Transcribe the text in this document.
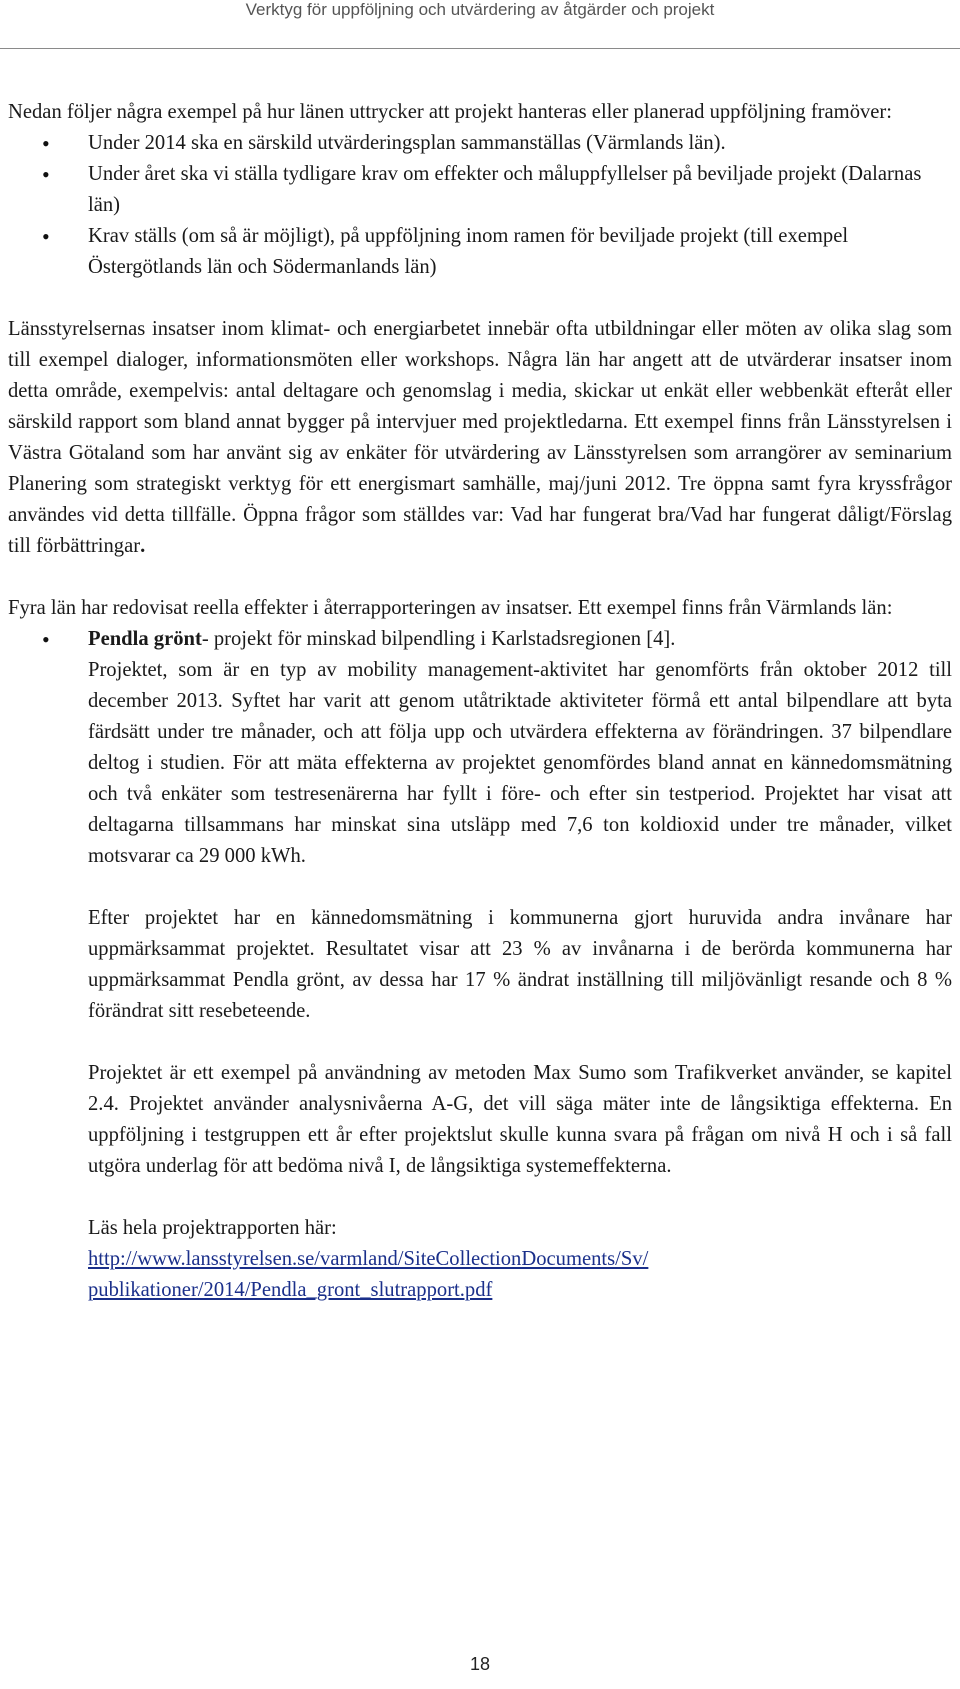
Verktyg för uppföljning och utvärdering av åtgärder och projekt

Nedan följer några exempel på hur länen uttrycker att projekt hanteras eller planerad uppföljning framöver:

• Under 2014 ska en särskild utvärderingsplan sammanställas (Värmlands län).
• Under året ska vi ställa tydligare krav om effekter och måluppfyllelser på beviljade projekt (Dalarnas län)
• Krav ställs (om så är möjligt), på uppföljning inom ramen för beviljade projekt (till exempel Östergötlands län och Södermanlands län)

Länsstyrelsernas insatser inom klimat- och energiarbetet innebär ofta utbildningar eller möten av olika slag som till exempel dialoger, informationsmöten eller workshops. Några län har angett att de utvärderar insatser inom detta område, exempelvis: antal deltagare och genomslag i media, skickar ut enkät eller webbenkät efteråt eller särskild rapport som bland annat bygger på intervjuer med projektledarna. Ett exempel finns från Länsstyrelsen i Västra Götaland som har använt sig av enkäter för utvärdering av Länsstyrelsen som arrangörer av seminarium Planering som strategiskt verktyg för ett energismart samhälle, maj/juni 2012. Tre öppna samt fyra kryssfrågor användes vid detta tillfälle. Öppna frågor som ställdes var: Vad har fungerat bra/Vad har fungerat dåligt/Förslag till förbättringar.

Fyra län har redovisat reella effekter i återrapporteringen av insatser. Ett exempel finns från Värmlands län:

• Pendla grönt- projekt för minskad bilpendling i Karlstadsregionen [4].

Projektet, som är en typ av mobility management-aktivitet har genomförts från oktober 2012 till december 2013. Syftet har varit att genom utåtriktade aktiviteter förmå ett antal bilpendlare att byta färdsätt under tre månader, och att följa upp och utvärdera effekterna av förändringen. 37 bilpendlare deltog i studien. För att mäta effekterna av projektet genomfördes bland annat en kännedomsmätning och två enkäter som testresenärerna har fyllt i före- och efter sin testperiod. Projektet har visat att deltagarna tillsammans har minskat sina utsläpp med 7,6 ton koldioxid under tre månader, vilket motsvarar ca 29 000 kWh.

Efter projektet har en kännedomsmätning i kommunerna gjort huruvida andra invånare har uppmärksammat projektet. Resultatet visar att 23 % av invånarna i de berörda kommunerna har uppmärksammat Pendla grönt, av dessa har 17 % ändrat inställning till miljövänligt resande och 8 % förändrat sitt resebeteende.

Projektet är ett exempel på användning av metoden Max Sumo som Trafikverket använder, se kapitel 2.4. Projektet använder analysnivåerna A-G, det vill säga mäter inte de långsiktiga effekterna. En uppföljning i testgruppen ett år efter projektslut skulle kunna svara på frågan om nivå H och i så fall utgöra underlag för att bedöma nivå I, de långsiktiga systemeffekterna.

Läs hela projektrapporten här:

http://www.lansstyrelsen.se/varmland/SiteCollectionDocuments/Sv/
publikationer/2014/Pendla_gront_slutrapport.pdf

18
